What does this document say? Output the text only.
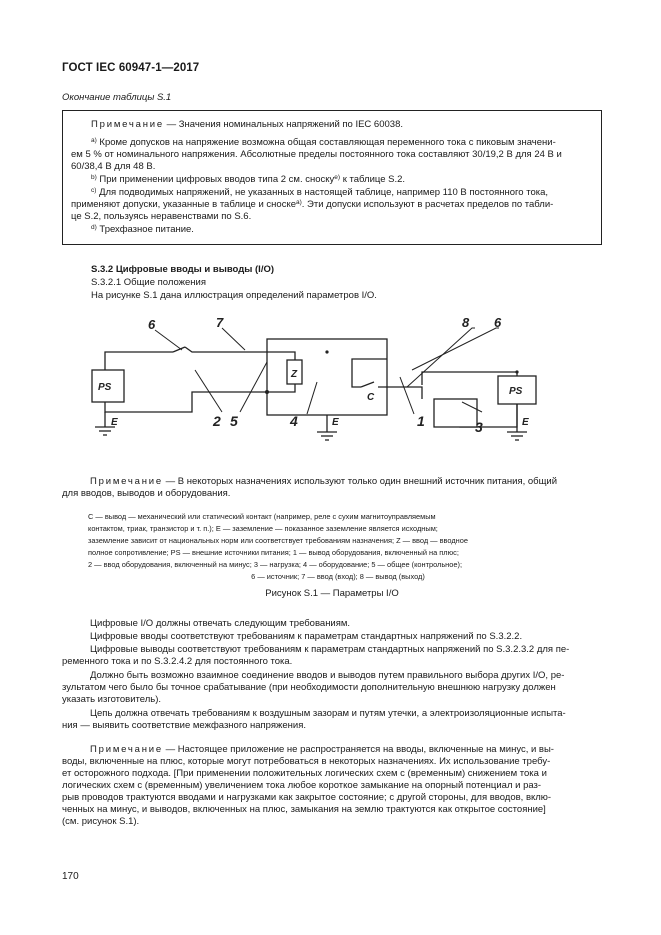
ГОСТ IEC 60947-1—2017
Окончание таблицы S.1
Примечание — Значения номинальных напряжений по IEC 60038.
$^{a)}$ Кроме допусков на напряжение возможна общая составляющая переменного тока с пиковым значени-
ем 5 % от номинального напряжения. Абсолютные пределы постоянного тока составляют 30/19,2 В для 24 В и
60/38,4 В для 48 В.
$^{b)}$ При применении цифровых вводов типа 2 см. сноску$^{e)}$ к таблице S.2.
$^{c)}$ Для подводимых напряжений, не указанных в настоящей таблице, например 110 В постоянного тока,
применяют допуски, указанные в таблице и сноске$^{a)}$. Эти допуски используют в расчетах пределов по табли-
це S.2, пользуясь неравенствами по S.6.
$^{d)}$ Трехфазное питание.
S.3.2 Цифровые вводы и выводы (I/O)
S.3.2.1 Общие положения
На рисунке S.1 дана иллюстрация определений параметров I/O.
6	7	8 6
PS
Z
PS
C
E	E	E
2 5	4	1	3
Примечание — В некоторых назначениях используют только один внешний источник питания, общий
для вводов, выводов и оборудования.
C — вывод — механический или статический контакт (например, реле с сухим магнитоуправляемым
контактом, триак, транзистор и т. п.); E — заземление — показанное заземление является исходным;
заземление зависит от национальных норм или соответствует требованиям назначения; Z — ввод — вводное
полное сопротивление; PS — внешние источники питания; 1 — вывод оборудования, включенный на плюс;
2 — ввод оборудования, включенный на минус; 3 — нагрузка; 4 — оборудование; 5 — общее (контрольное);
6 — источник; 7 — ввод (вход); 8 — вывод (выход)
Рисунок S.1 — Параметры I/O
Цифровые I/O должны отвечать следующим требованиям.
Цифровые вводы соответствуют требованиям к параметрам стандартных напряжений по S.3.2.2.
Цифровые выводы соответствуют требованиям к параметрам стандартных напряжений по S.3.2.3.2 для пе-
ременного тока и по S.3.2.4.2 для постоянного тока.
Должно быть возможно взаимное соединение вводов и выводов путем правильного выбора других I/O, ре-
зультатом чего было бы точное срабатывание (при необходимости дополнительную внешнюю нагрузку должен
указать изготовитель).
Цепь должна отвечать требованиям к воздушным зазорам и путям утечки, а электроизоляционные испыта-
ния — выявить соответствие межфазного напряжения.
Примечание — Настоящее приложение не распространяется на вводы, включенные на минус, и вы-
воды, включенные на плюс, которые могут потребоваться в некоторых назначениях. Их использование требу-
ет осторожного подхода. [При применении положительных логических схем с (временным) снижением тока и
логических схем с (временным) увеличением тока любое короткое замыкание на опорный потенциал и раз-
рыв проводов трактуются вводами и нагрузками как закрытое состояние; с другой стороны, для вводов, вклю-
ченных на минус, и выводов, включенных на плюс, замыкания на землю трактуются как открытое состояние]
(см. рисунок S.1).
170
